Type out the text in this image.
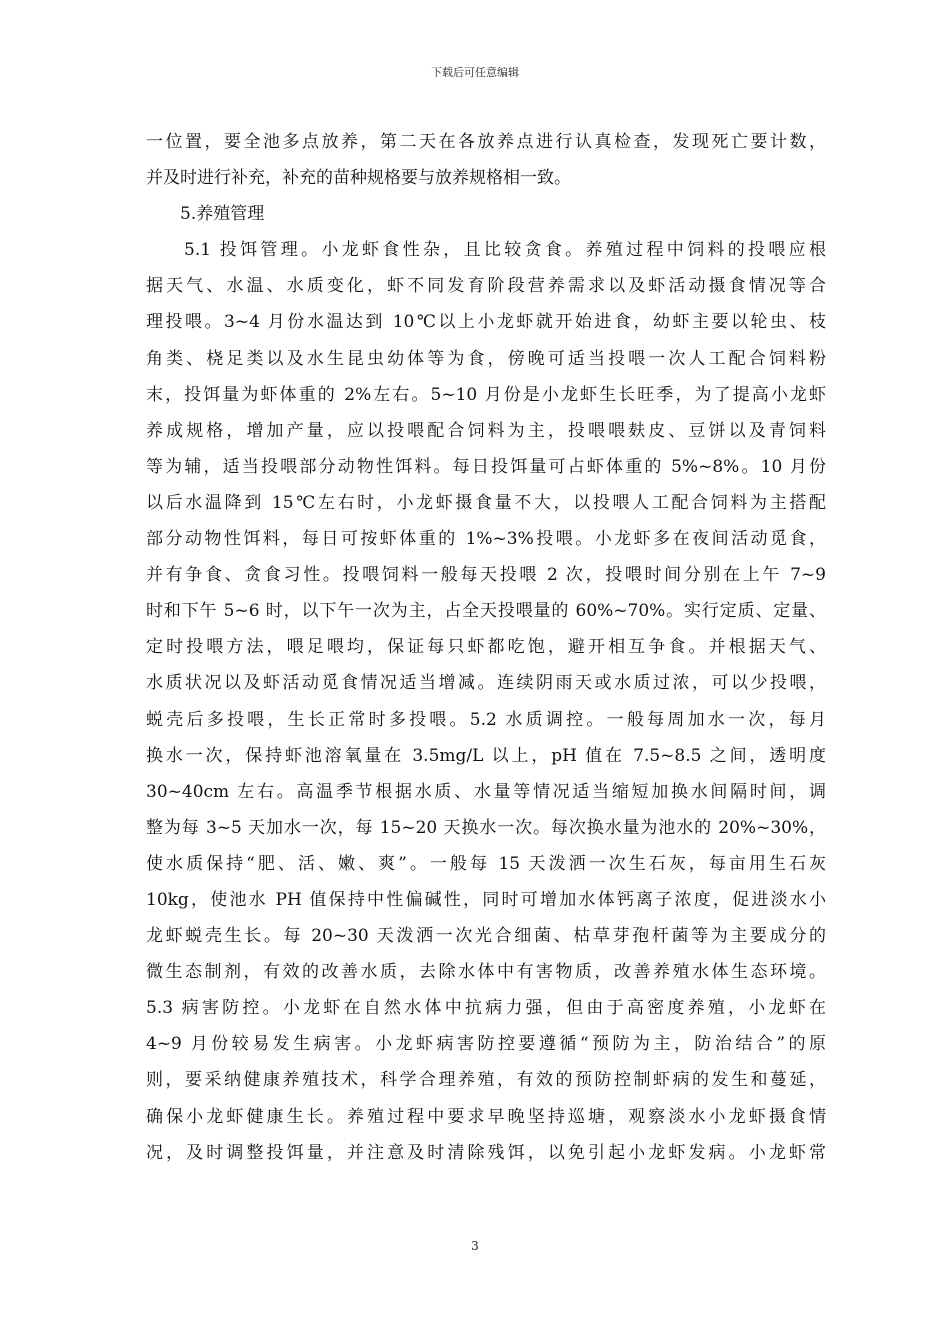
下载后可任意编辑
一位置，要全池多点放养，第二天在各放养点进行认真检查，发现死亡要计数，
并及时进行补充，补充的苗种规格要与放养规格相一致。
5.养殖管理
5.1 投饵管理。小龙虾食性杂，且比较贪食。养殖过程中饲料的投喂应根
据天气、水温、水质变化，虾不同发育阶段营养需求以及虾活动摄食情况等合
理投喂。3~4 月份水温达到 10℃以上小龙虾就开始进食，幼虾主要以轮虫、枝
角类、桡足类以及水生昆虫幼体等为食，傍晚可适当投喂一次人工配合饲料粉
末，投饵量为虾体重的 2%左右。5~10 月份是小龙虾生长旺季，为了提高小龙虾
养成规格，增加产量，应以投喂配合饲料为主，投喂喂麸皮、豆饼以及青饲料
等为辅，适当投喂部分动物性饵料。每日投饵量可占虾体重的 5%~8%。10 月份
以后水温降到 15℃左右时，小龙虾摄食量不大，以投喂人工配合饲料为主搭配
部分动物性饵料，每日可按虾体重的 1%~3%投喂。小龙虾多在夜间活动觅食，
并有争食、贪食习性。投喂饲料一般每天投喂 2 次，投喂时间分别在上午 7~9
时和下午 5~6 时，以下午一次为主，占全天投喂量的 60%~70%。实行定质、定量、
定时投喂方法，喂足喂均，保证每只虾都吃饱，避开相互争食。并根据天气、
水质状况以及虾活动觅食情况适当增减。连续阴雨天或水质过浓，可以少投喂，
蜕壳后多投喂，生长正常时多投喂。5.2 水质调控。一般每周加水一次，每月
换水一次，保持虾池溶氧量在 3.5mg/L 以上，pH 值在 7.5~8.5 之间，透明度
30~40cm 左右。高温季节根据水质、水量等情况适当缩短加换水间隔时间，调
整为每 3~5 天加水一次，每 15~20 天换水一次。每次换水量为池水的 20%~30%，
使水质保持“肥、活、嫩、爽”。一般每 15 天泼洒一次生石灰，每亩用生石灰
10kg，使池水 PH 值保持中性偏碱性，同时可增加水体钙离子浓度，促进淡水小
龙虾蜕壳生长。每 20~30 天泼洒一次光合细菌、枯草芽孢杆菌等为主要成分的
微生态制剂，有效的改善水质，去除水体中有害物质，改善养殖水体生态环境。
5.3 病害防控。小龙虾在自然水体中抗病力强，但由于高密度养殖，小龙虾在
4~9 月份较易发生病害。小龙虾病害防控要遵循“预防为主，防治结合”的原
则，要采纳健康养殖技术，科学合理养殖，有效的预防控制虾病的发生和蔓延，
确保小龙虾健康生长。养殖过程中要求早晚坚持巡塘，观察淡水小龙虾摄食情
况，及时调整投饵量，并注意及时清除残饵，以免引起小龙虾发病。小龙虾常
3
